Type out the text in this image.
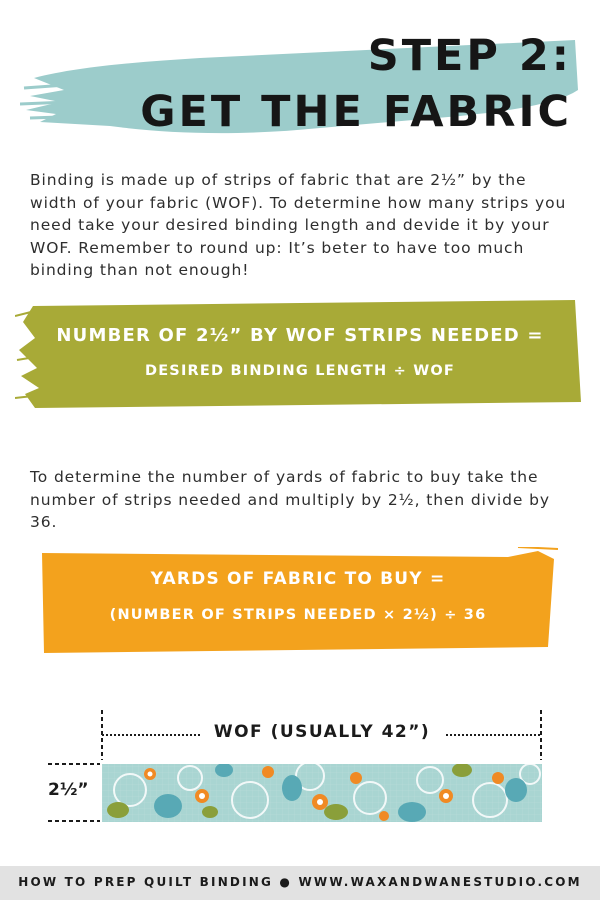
STEP 2:
GET THE FABRIC

Binding is made up of strips of fabric that are 2½” by the width of your fabric (WOF). To determine how many strips you need take your desired binding length and devide it by your WOF. Remember to round up: It’s beter to have too much binding than not enough!

NUMBER OF 2½” BY WOF STRIPS NEEDED =
DESIRED BINDING LENGTH ÷ WOF

To determine the number of yards of fabric to buy take the number of strips needed and multiply by 2½, then divide by 36.

YARDS OF FABRIC TO BUY =
(NUMBER OF STRIPS NEEDED × 2½) ÷ 36
WOF (USUALLY 42”)
2½”
HOW TO PREP QUILT BINDING ● WWW.WAXANDWANESTUDIO.COM
